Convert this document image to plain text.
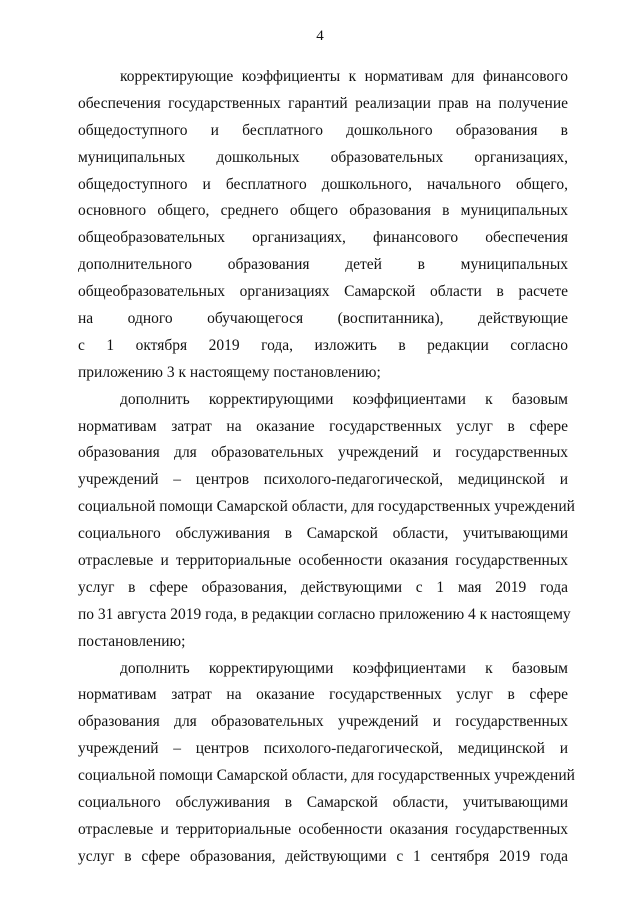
4

корректирующие коэффициенты к нормативам для финансового
обеспечения государственных гарантий реализации прав на получение
общедоступного и бесплатного дошкольного образования в
муниципальных дошкольных образовательных организациях,
общедоступного и бесплатного дошкольного, начального общего,
основного общего, среднего общего образования в муниципальных
общеобразовательных организациях, финансового обеспечения
дополнительного образования детей в муниципальных
общеобразовательных организациях Самарской области в расчете
на одного обучающегося (воспитанника), действующие
с 1 октября 2019 года, изложить в редакции согласно
приложению 3 к настоящему постановлению;

дополнить корректирующими коэффициентами к базовым
нормативам затрат на оказание государственных услуг в сфере
образования для образовательных учреждений и государственных
учреждений – центров психолого-педагогической, медицинской и
социальной помощи Самарской области, для государственных учреждений
социального обслуживания в Самарской области, учитывающими
отраслевые и территориальные особенности оказания государственных
услуг в сфере образования, действующими с 1 мая 2019 года
по 31 августа 2019 года, в редакции согласно приложению 4 к настоящему
постановлению;

дополнить корректирующими коэффициентами к базовым
нормативам затрат на оказание государственных услуг в сфере
образования для образовательных учреждений и государственных
учреждений – центров психолого-педагогической, медицинской и
социальной помощи Самарской области, для государственных учреждений
социального обслуживания в Самарской области, учитывающими
отраслевые и территориальные особенности оказания государственных
услуг в сфере образования, действующими с 1 сентября 2019 года
